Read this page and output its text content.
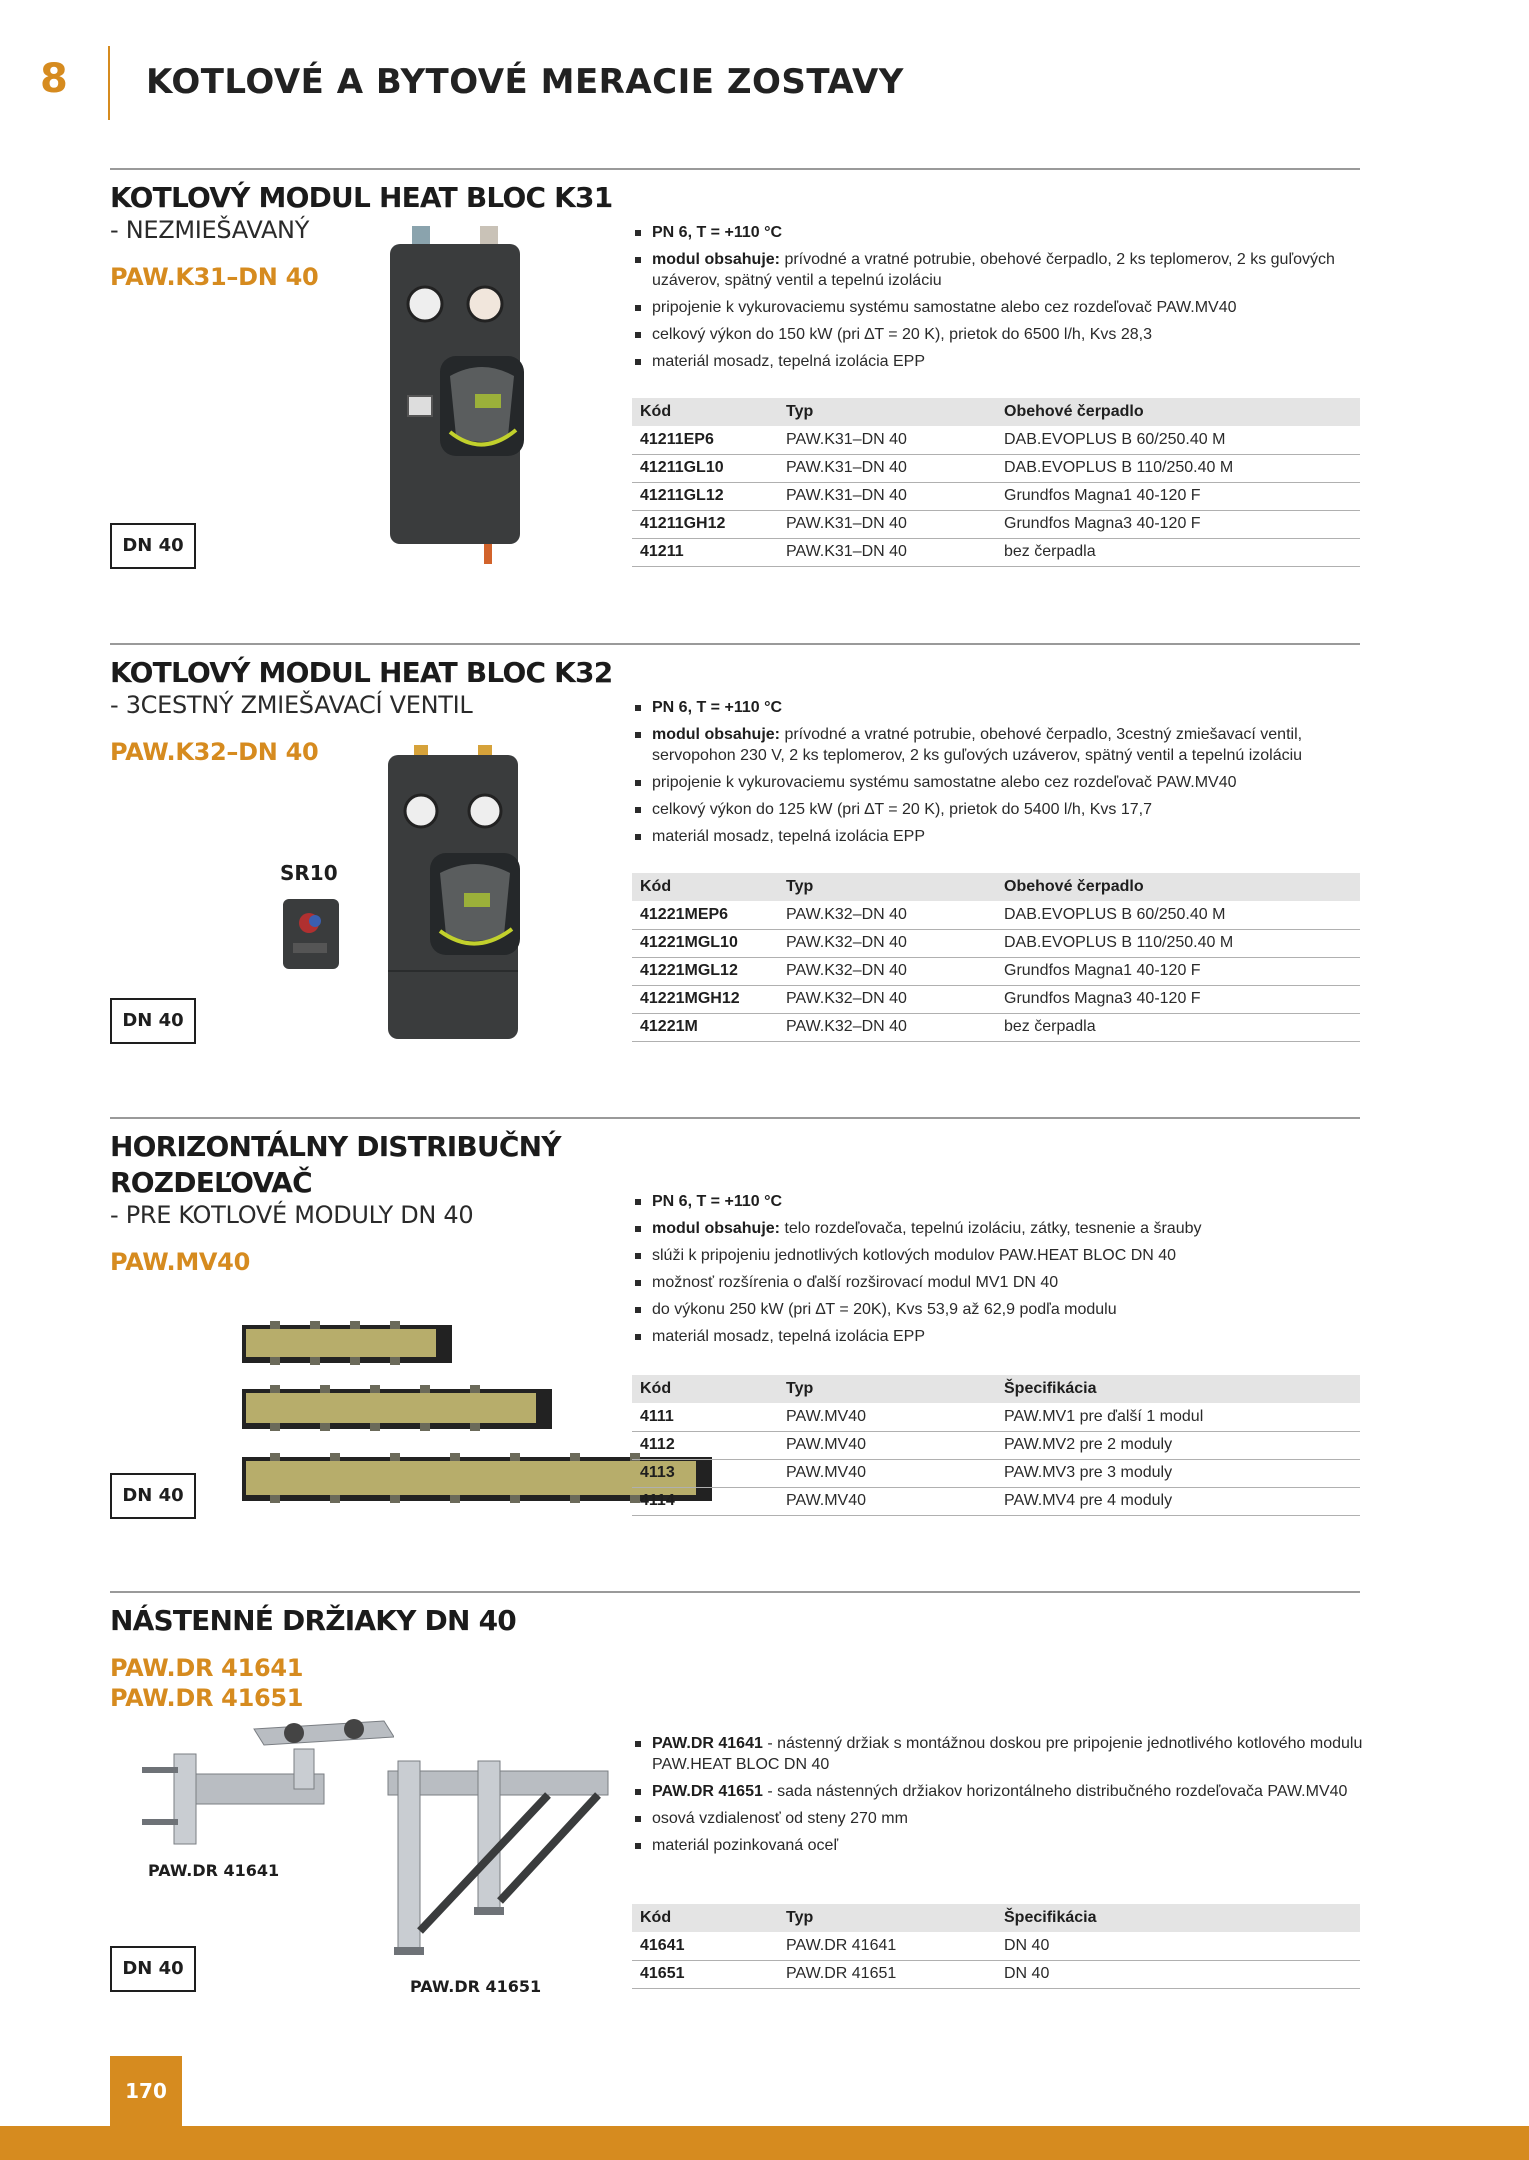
8	KOTLOVÉ A BYTOVÉ MERACIE ZOSTAVY
KOTLOVÝ MODUL HEAT BLOC K31
- NEZMIEŠAVANÝ
PAW.K31–DN 40
DN 40
PN 6, T = +110 °C
modul obsahuje: prívodné a vratné potrubie, obehové čerpadlo, 2 ks teplomerov, 2 ks guľových uzáverov, spätný ventil a tepelnú izoláciu
pripojenie k vykurovaciemu systému samostatne alebo cez rozdeľovač PAW.MV40
celkový výkon do 150 kW (pri ∆T = 20 K), prietok do 6500 l/h, Kvs 28,3
materiál mosadz, tepelná izolácia EPP
Kód	Typ	Obehové čerpadlo
41211EP6	PAW.K31–DN 40	DAB.EVOPLUS B 60/250.40 M
41211GL10	PAW.K31–DN 40	DAB.EVOPLUS B 110/250.40 M
41211GL12	PAW.K31–DN 40	Grundfos Magna1 40-120 F
41211GH12	PAW.K31–DN 40	Grundfos Magna3 40-120 F
41211	PAW.K31–DN 40	bez čerpadla
KOTLOVÝ MODUL HEAT BLOC K32
- 3CESTNÝ ZMIEŠAVACÍ VENTIL
PAW.K32–DN 40
DN 40
SR10
PN 6, T = +110 °C
modul obsahuje: prívodné a vratné potrubie, obehové čerpadlo, 3cestný zmiešavací ventil, servopohon 230 V, 2 ks teplomerov, 2 ks guľových uzáverov, spätný ventil a tepelnú izoláciu
pripojenie k vykurovaciemu systému samostatne alebo cez rozdeľovač PAW.MV40
celkový výkon do 125 kW (pri ∆T = 20 K), prietok do 5400 l/h, Kvs 17,7
materiál mosadz, tepelná izolácia EPP
Kód	Typ	Obehové čerpadlo
41221MEP6	PAW.K32–DN 40	DAB.EVOPLUS B 60/250.40 M
41221MGL10	PAW.K32–DN 40	DAB.EVOPLUS B 110/250.40 M
41221MGL12	PAW.K32–DN 40	Grundfos Magna1 40-120 F
41221MGH12	PAW.K32–DN 40	Grundfos Magna3 40-120 F
41221M	PAW.K32–DN 40	bez čerpadla
HORIZONTÁLNY DISTRIBUČNÝ
ROZDEĽOVAČ
- PRE KOTLOVÉ MODULY DN 40
PAW.MV40
DN 40
PN 6, T = +110 °C
modul obsahuje: telo rozdeľovača, tepelnú izoláciu, zátky, tesnenie a šrauby
slúži k pripojeniu jednotlivých kotlových modulov PAW.HEAT BLOC DN 40
možnosť rozšírenia o ďalší rozširovací modul MV1 DN 40
do výkonu 250 kW (pri ∆T = 20K), Kvs 53,9 až 62,9 podľa modulu
materiál mosadz, tepelná izolácia EPP
Kód	Typ	Špecifikácia
4111	PAW.MV40	PAW.MV1 pre ďalší 1 modul
4112	PAW.MV40	PAW.MV2 pre 2 moduly
4113	PAW.MV40	PAW.MV3 pre 3 moduly
4114	PAW.MV40	PAW.MV4 pre 4 moduly
NÁSTENNÉ DRŽIAKY DN 40
PAW.DR 41641
PAW.DR 41651
DN 40
PAW.DR 41641
PAW.DR 41651
PAW.DR 41641 - nástenný držiak s montážnou doskou pre pripojenie jednotlivého kotlového modulu PAW.HEAT BLOC DN 40
PAW.DR 41651 - sada nástenných držiakov horizontálneho distribučného rozdeľovača PAW.MV40
osová vzdialenosť od steny 270 mm
materiál pozinkovaná oceľ
Kód	Typ	Špecifikácia
41641	PAW.DR 41641	DN 40
41651	PAW.DR 41651	DN 40
170
